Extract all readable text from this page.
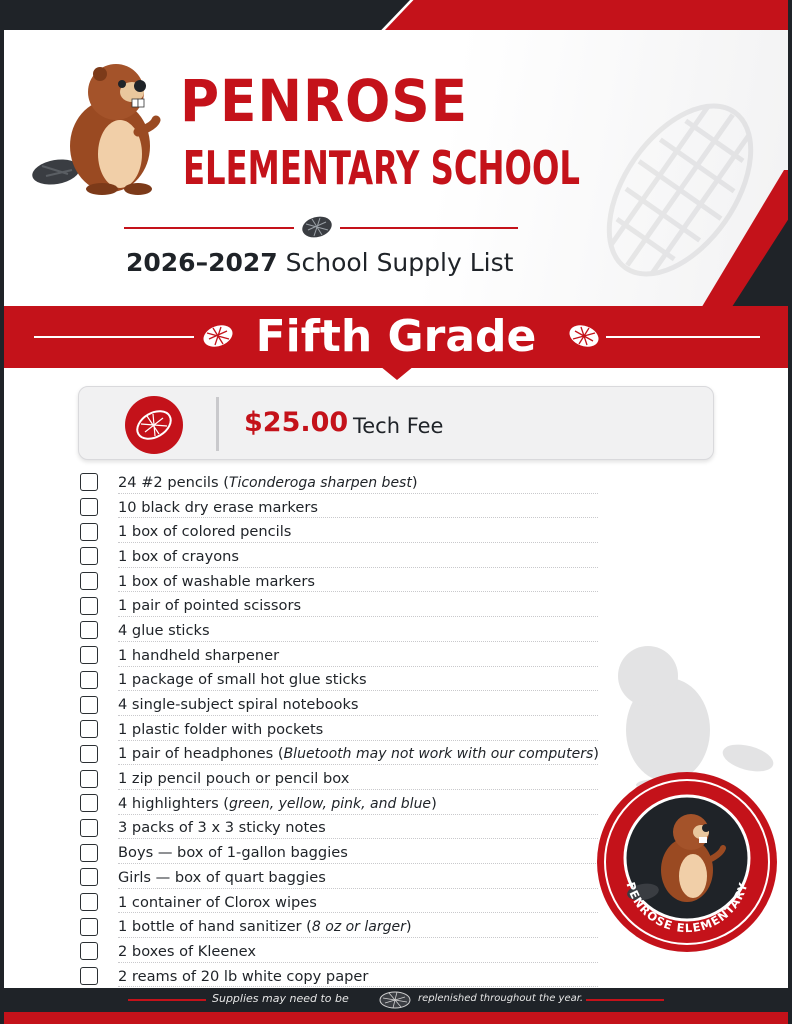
PENROSE
ELEMENTARY SCHOOL
2026–2027 School Supply List
Fifth Grade
$25.00 Tech Fee
24 #2 pencils (Ticonderoga sharpen best)
10 black dry erase markers
1 box of colored pencils
1 box of crayons
1 box of washable markers
1 pair of pointed scissors
4 glue sticks
1 handheld sharpener
1 package of small hot glue sticks
4 single-subject spiral notebooks
1 plastic folder with pockets
1 pair of headphones (Bluetooth may not work with our computers)
1 zip pencil pouch or pencil box
4 highlighters (green, yellow, pink, and blue)
3 packs of 3 x 3 sticky notes
Boys — box of 1-gallon baggies
Girls — box of quart baggies
1 container of Clorox wipes
1 bottle of hand sanitizer (8 oz or larger)
2 boxes of Kleenex
2 reams of 20 lb white copy paper
PENROSE ELEMENTARY
Supplies may need to be	replenished throughout the year.
